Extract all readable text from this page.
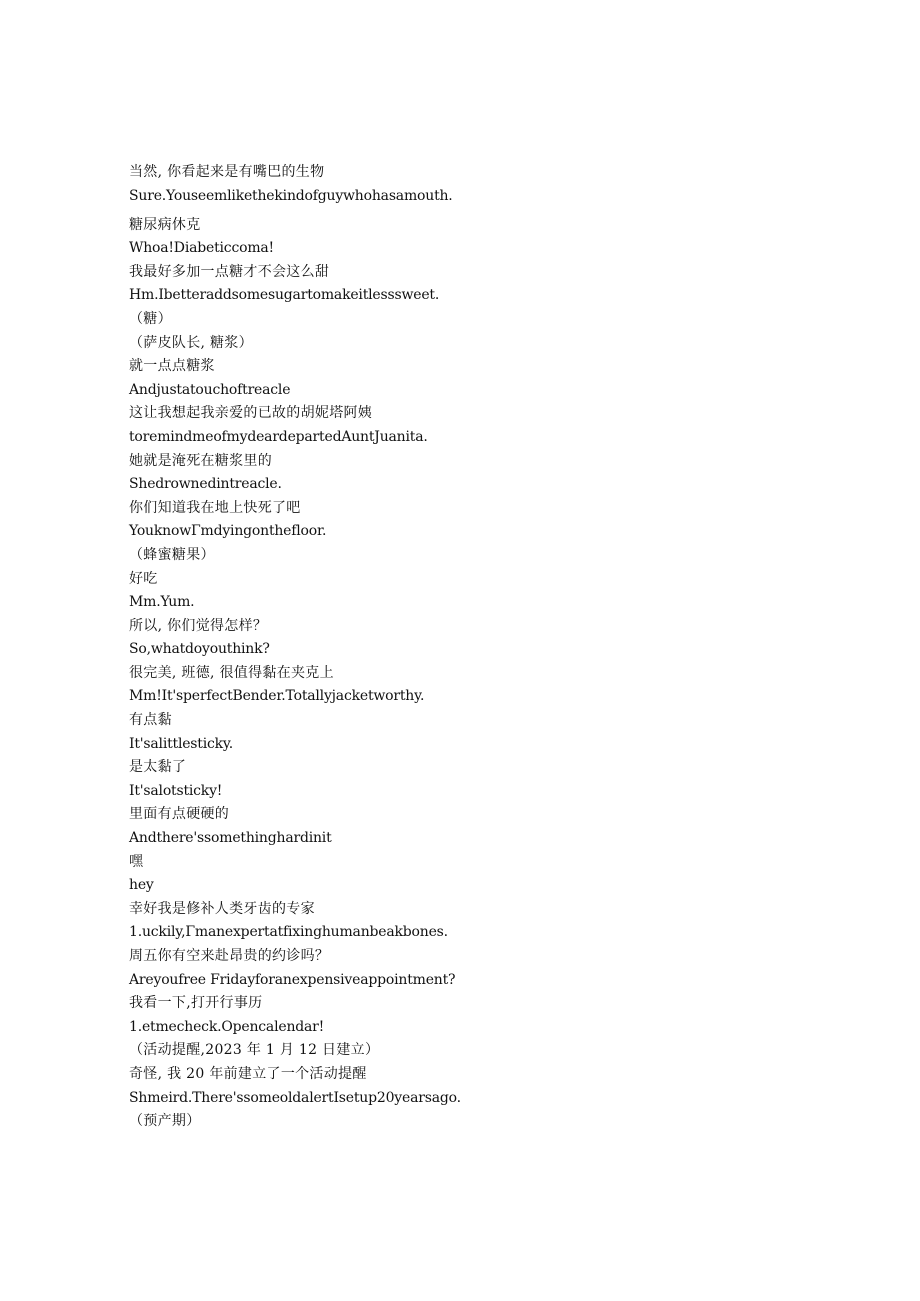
当然, 你看起来是有嘴巴的生物
Sure.Youseemlikethekindofguywhohasamouth.
糖尿病休克
Whoa!Diabeticcoma!
我最好多加一点糖才不会这么甜
Hm.Ibetteraddsomesugartomakeitlesssweet.
（糖）
（萨皮队长, 糖浆）
就一点点糖浆
Andjustatouchoftreacle
这让我想起我亲爱的已故的胡妮塔阿姨
toremindmeofmydeardepartedAuntJuanita.
她就是淹死在糖浆里的
Shedrownedintreacle.
你们知道我在地上快死了吧
YouknowΓmdyingonthefloor.
（蜂蜜糖果）
好吃
Mm.Yum.
所以, 你们觉得怎样？
So,whatdoyouthink?
很完美, 班德, 很值得黏在夹克上
Mm!It'sperfectBender.Totallyjacketworthy.
有点黏
It'salittlesticky.
是太黏了
It'salotsticky!
里面有点硬硬的
Andthere'ssomethinghardinit
嘿
hey
幸好我是修补人类牙齿的专家
1.uckily,Γmanexpertatfixinghumanbeakbones.
周五你有空来赴昂贵的约诊吗？
Areyoufree Fridayforanexpensiveappointment?
我看一下,打开行事历
1.etmecheck.Opencalendar!
（活动提醒,2023 年 1 月 12 日建立）
奇怪, 我 20 年前建立了一个活动提醒
Shmeird.There'ssomeoldalertIsetup20yearsago.
（预产期）
